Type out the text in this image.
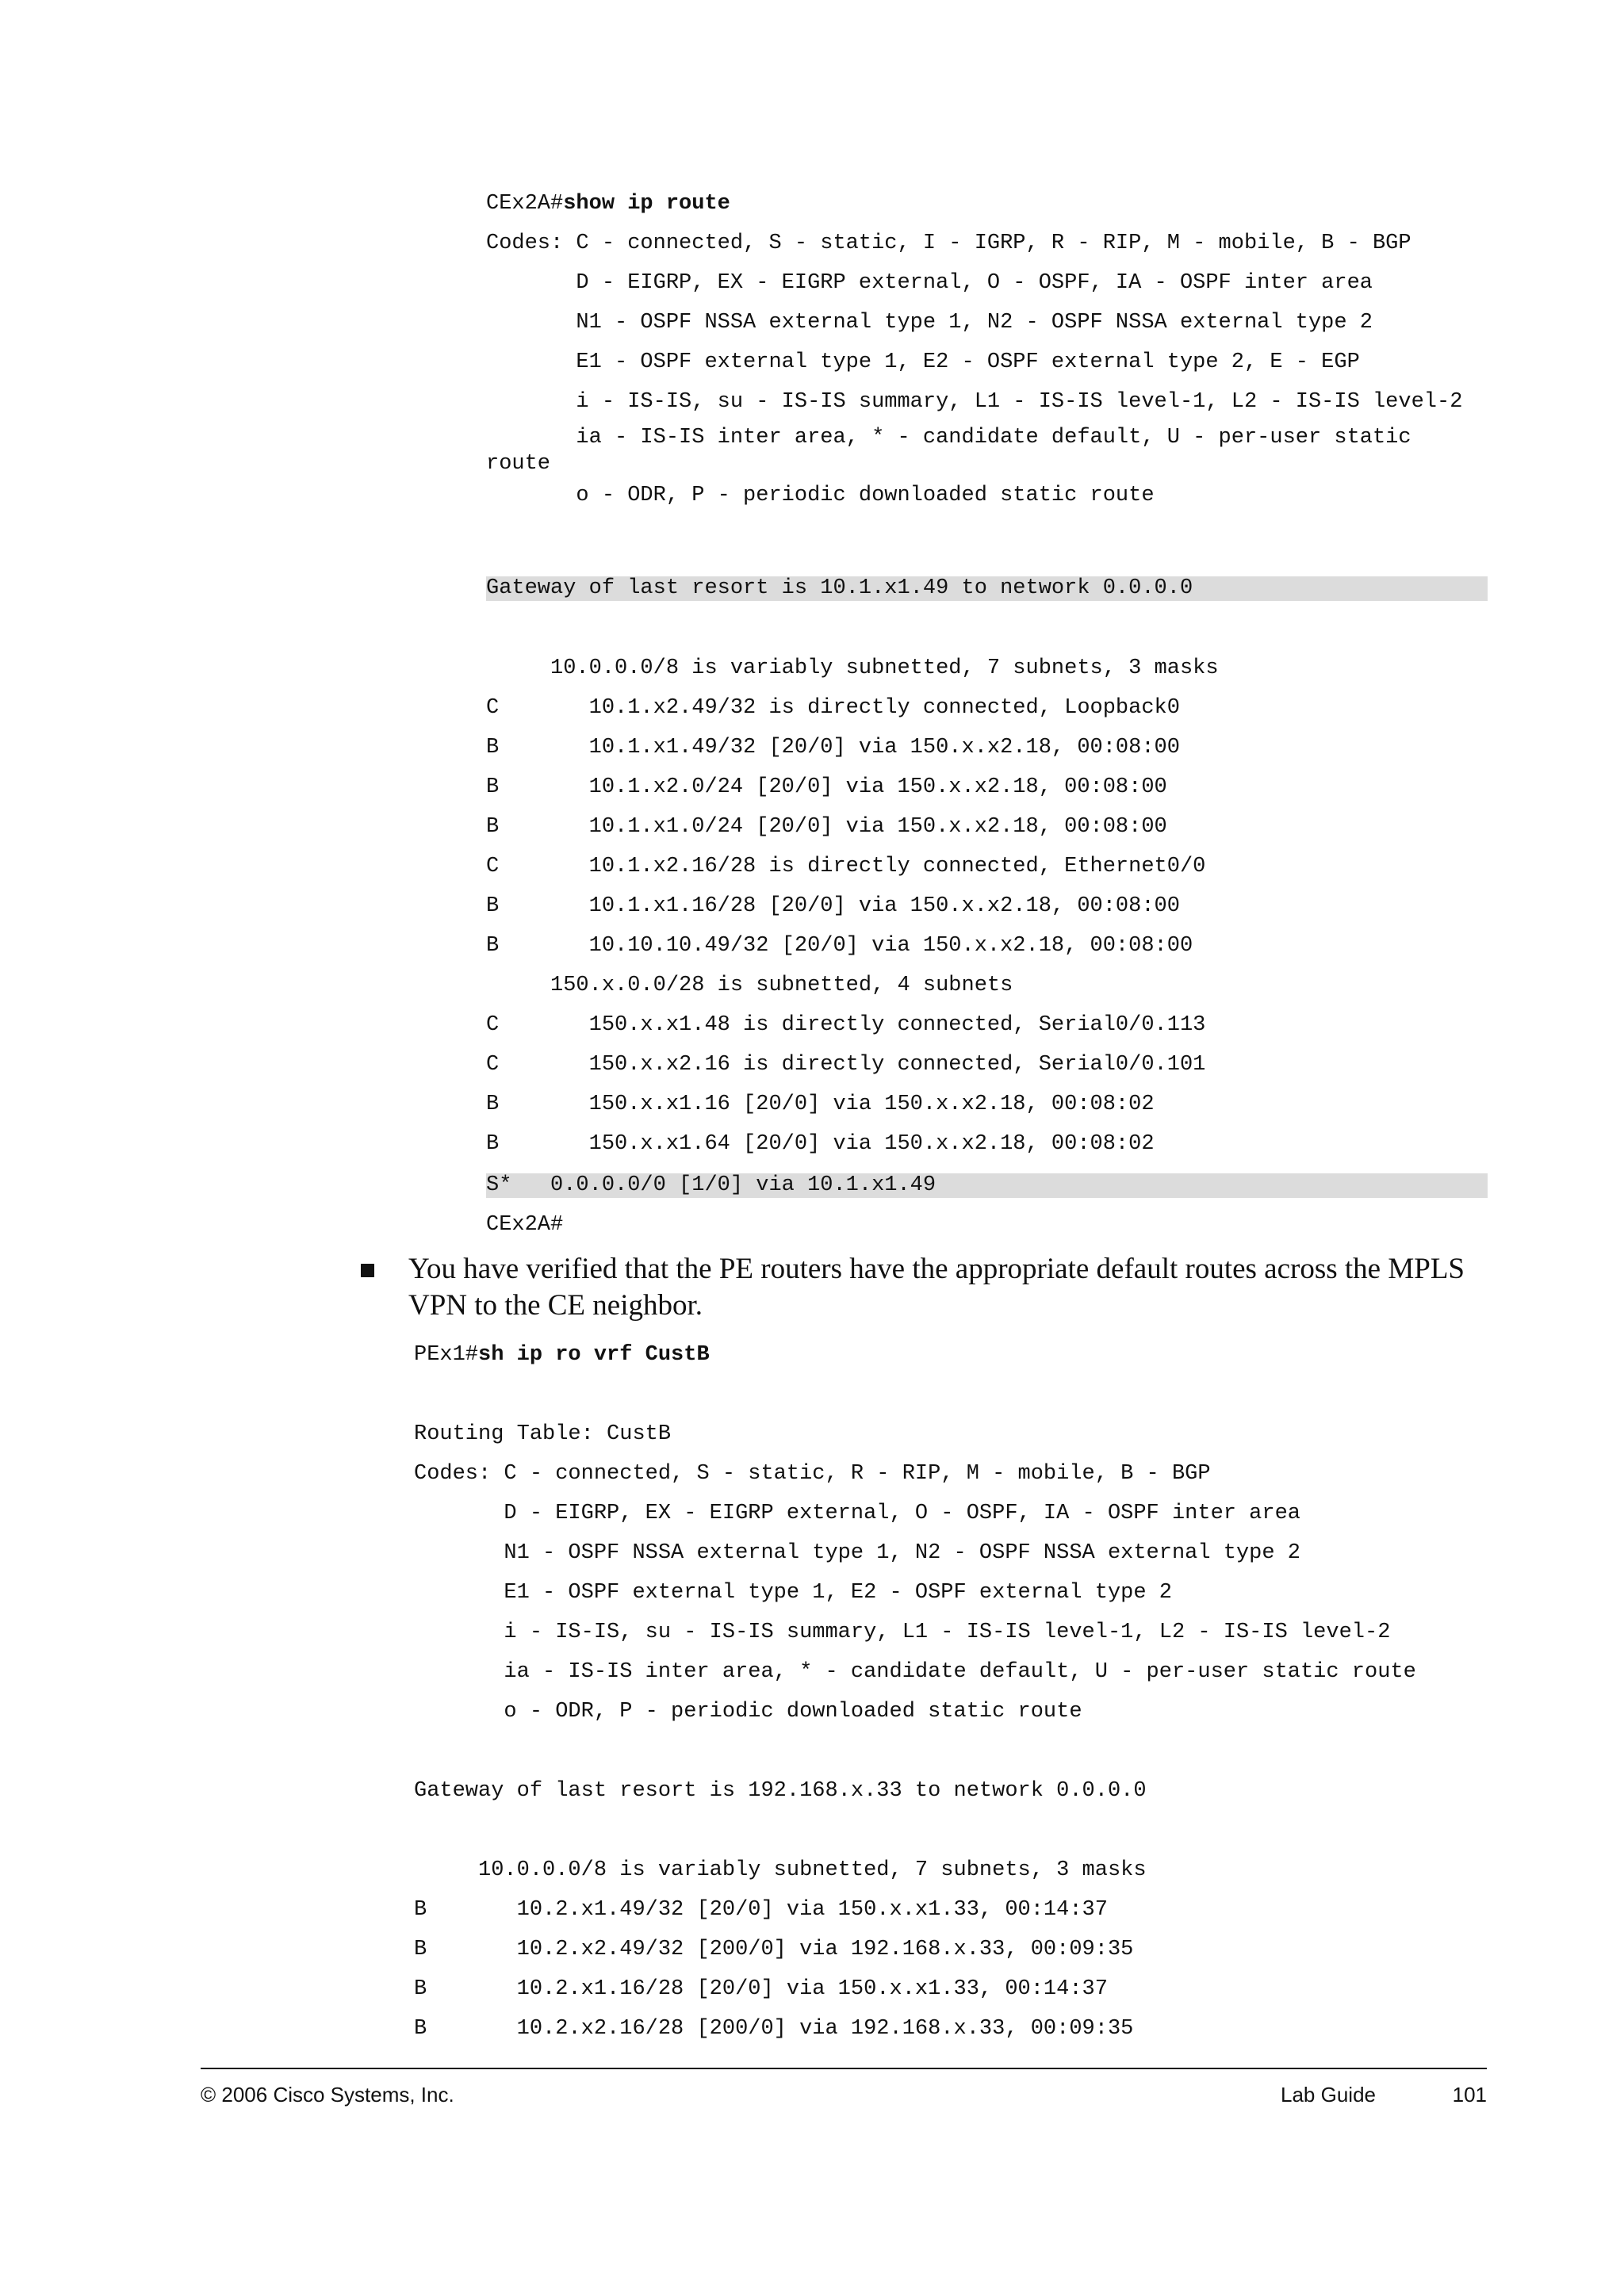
CEx2A#show ip route
Codes: C - connected, S - static, I - IGRP, R - RIP, M - mobile, B - BGP
D - EIGRP, EX - EIGRP external, O - OSPF, IA - OSPF inter area
N1 - OSPF NSSA external type 1, N2 - OSPF NSSA external type 2
E1 - OSPF external type 1, E2 - OSPF external type 2, E - EGP
i - IS-IS, su - IS-IS summary, L1 - IS-IS level-1, L2 - IS-IS level-2
ia - IS-IS inter area, * - candidate default, U - per-user static
route
o - ODR, P - periodic downloaded static route
Gateway of last resort is 10.1.x1.49 to network 0.0.0.0
10.0.0.0/8 is variably subnetted, 7 subnets, 3 masks
C       10.1.x2.49/32 is directly connected, Loopback0
B       10.1.x1.49/32 [20/0] via 150.x.x2.18, 00:08:00
B       10.1.x2.0/24 [20/0] via 150.x.x2.18, 00:08:00
B       10.1.x1.0/24 [20/0] via 150.x.x2.18, 00:08:00
C       10.1.x2.16/28 is directly connected, Ethernet0/0
B       10.1.x1.16/28 [20/0] via 150.x.x2.18, 00:08:00
B       10.10.10.49/32 [20/0] via 150.x.x2.18, 00:08:00
150.x.0.0/28 is subnetted, 4 subnets
C       150.x.x1.48 is directly connected, Serial0/0.113
C       150.x.x2.16 is directly connected, Serial0/0.101
B       150.x.x1.16 [20/0] via 150.x.x2.18, 00:08:02
B       150.x.x1.64 [20/0] via 150.x.x2.18, 00:08:02
S*   0.0.0.0/0 [1/0] via 10.1.x1.49
CEx2A#
You have verified that the PE routers have the appropriate default routes across the MPLS VPN to the CE neighbor.
PEx1#sh ip ro vrf CustB
Routing Table: CustB
Codes: C - connected, S - static, R - RIP, M - mobile, B - BGP
D - EIGRP, EX - EIGRP external, O - OSPF, IA - OSPF inter area
N1 - OSPF NSSA external type 1, N2 - OSPF NSSA external type 2
E1 - OSPF external type 1, E2 - OSPF external type 2
i - IS-IS, su - IS-IS summary, L1 - IS-IS level-1, L2 - IS-IS level-2
ia - IS-IS inter area, * - candidate default, U - per-user static route
o - ODR, P - periodic downloaded static route
Gateway of last resort is 192.168.x.33 to network 0.0.0.0
10.0.0.0/8 is variably subnetted, 7 subnets, 3 masks
B       10.2.x1.49/32 [20/0] via 150.x.x1.33, 00:14:37
B       10.2.x2.49/32 [200/0] via 192.168.x.33, 00:09:35
B       10.2.x1.16/28 [20/0] via 150.x.x1.33, 00:14:37
B       10.2.x2.16/28 [200/0] via 192.168.x.33, 00:09:35
© 2006 Cisco Systems, Inc.	Lab Guide	101
